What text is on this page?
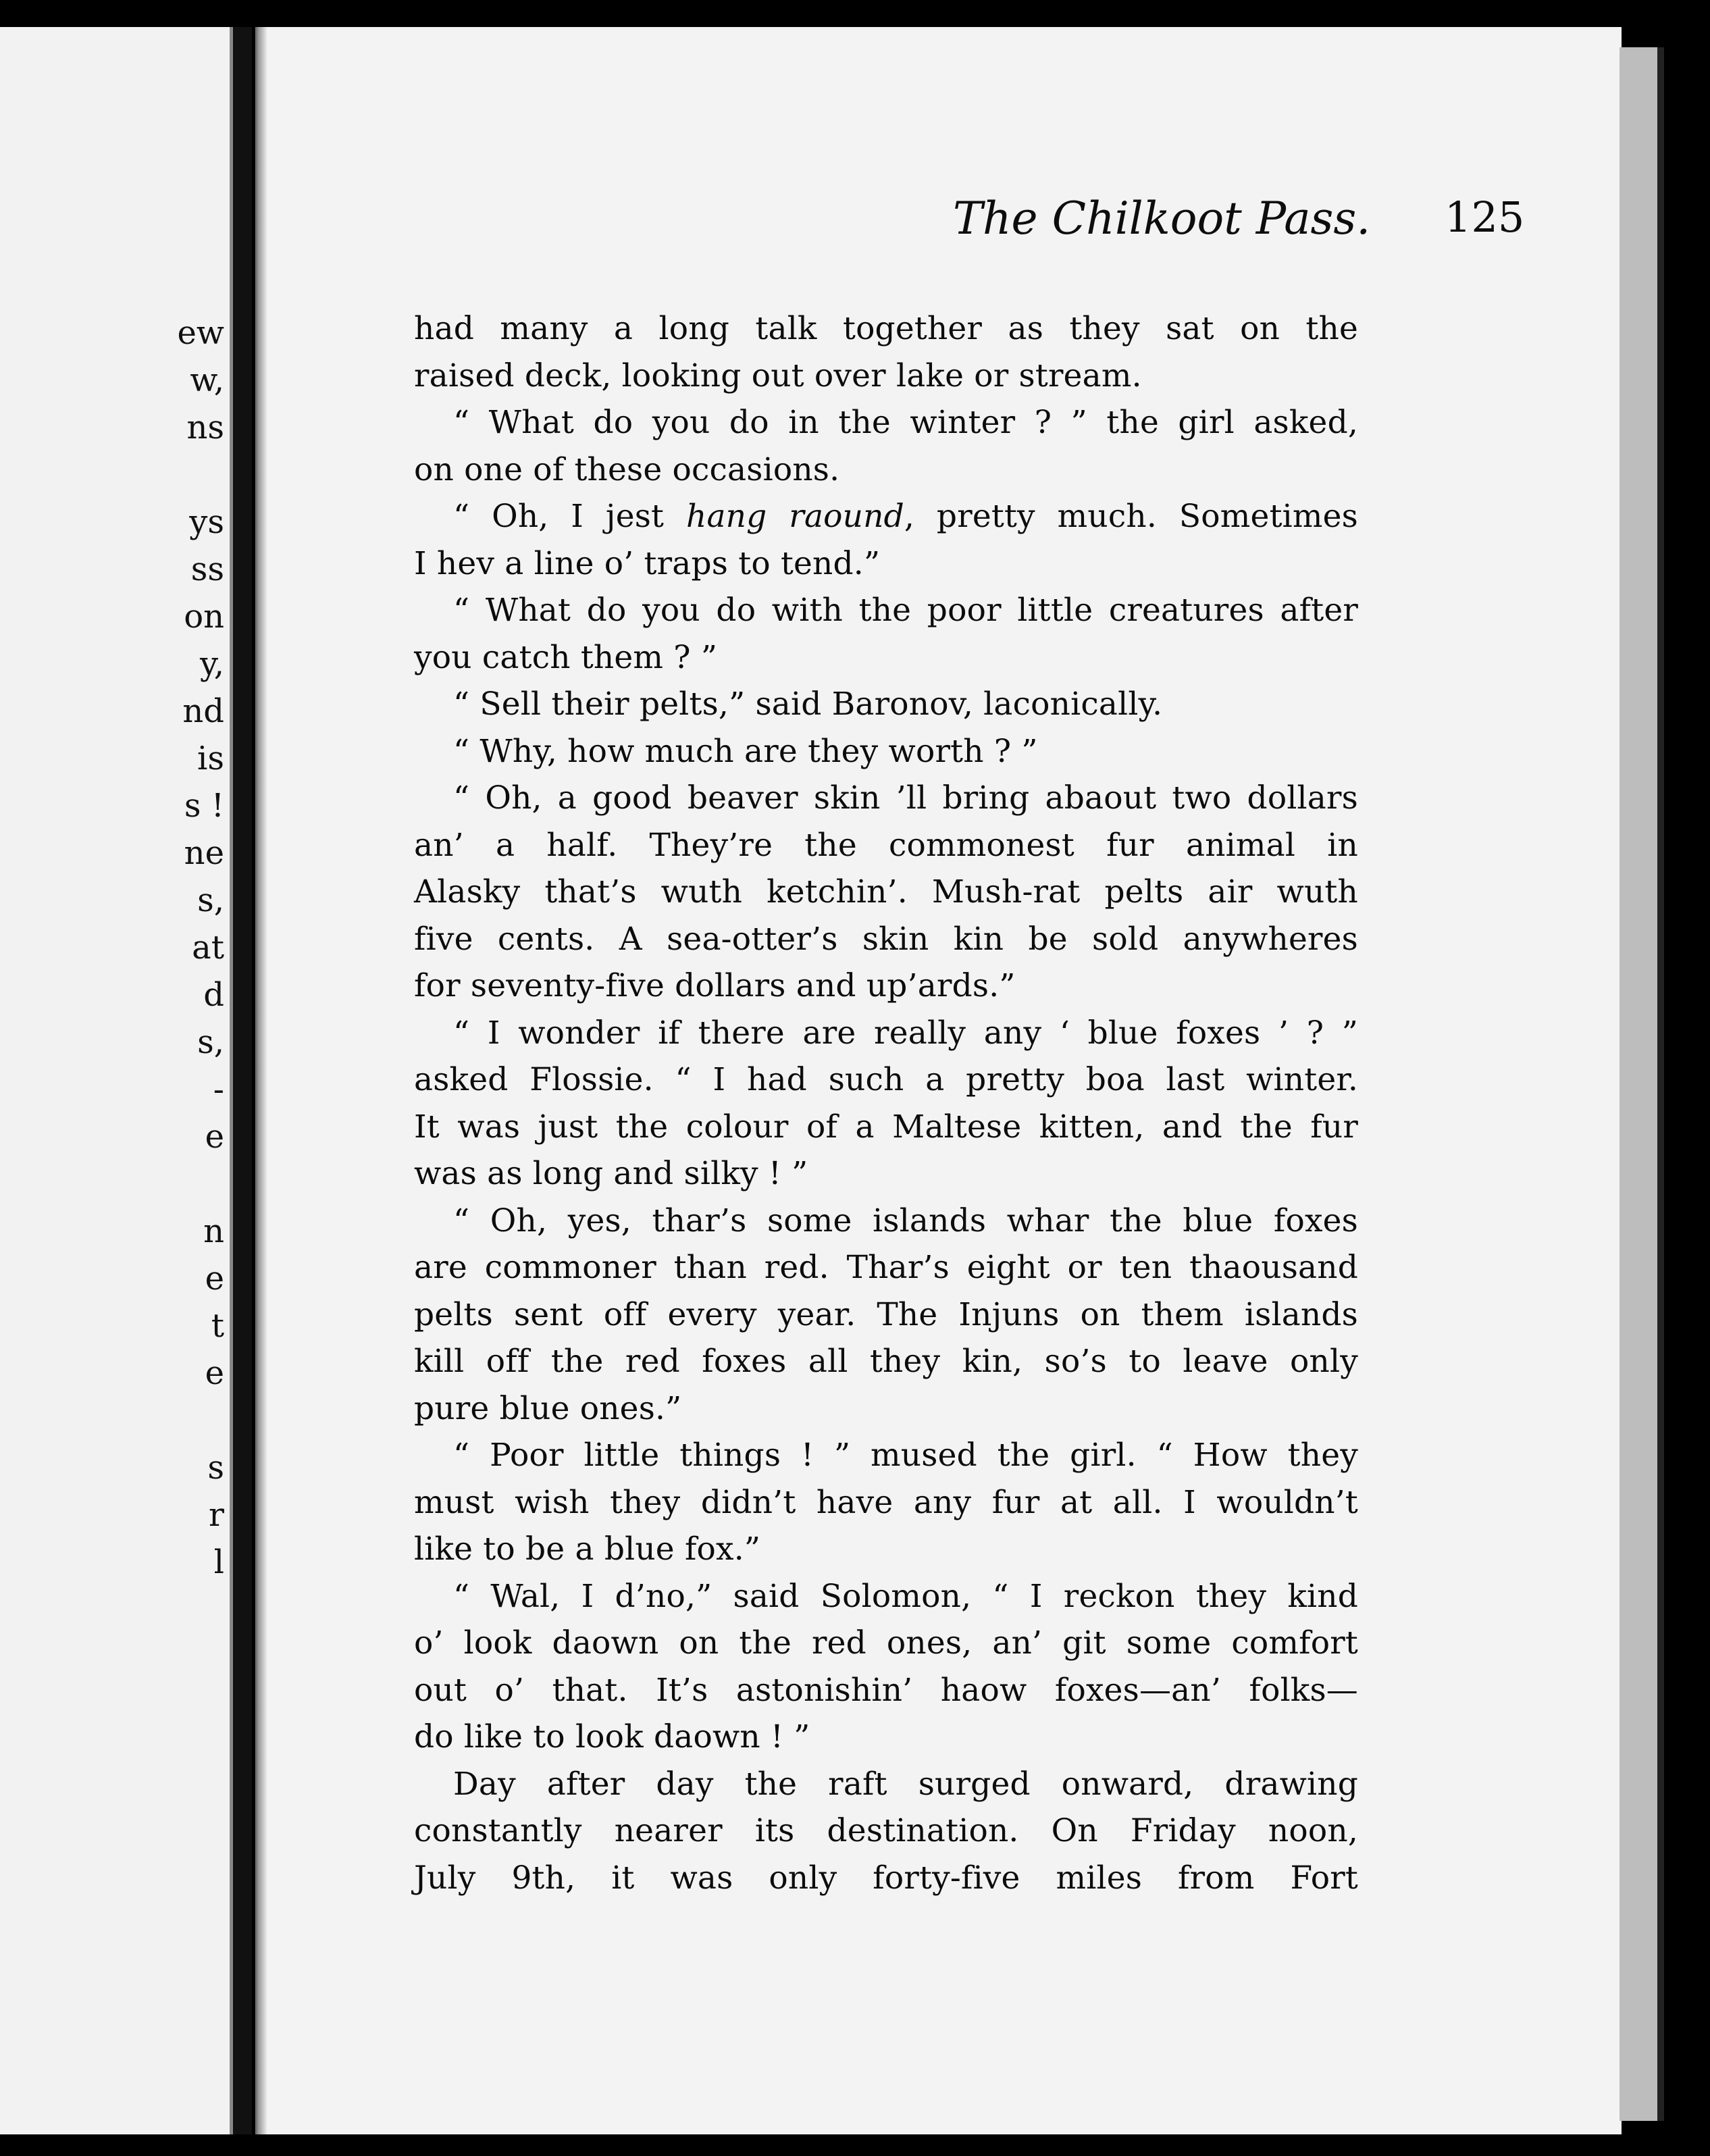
ew
w,
ns
ys
ss
on
y,
nd
is
s !
ne
s,
at
d
s,
-
e
n
e
t
e
s
r
l
The Chilkoot Pass. 125
had many a long talk together as they sat on the
raised deck, looking out over lake or stream.
“ What do you do in the winter ? ” the girl asked,
on one of these occasions.
“ Oh, I jest hang raound, pretty much. Sometimes
I hev a line o’ traps to tend.”
“ What do you do with the poor little creatures after
you catch them ? ”
“ Sell their pelts,” said Baronov, laconically.
“ Why, how much are they worth ? ”
“ Oh, a good beaver skin ’ll bring abaout two dollars
an’ a half. They’re the commonest fur animal in
Alasky that’s wuth ketchin’. Mush-rat pelts air wuth
five cents. A sea-otter’s skin kin be sold anywheres
for seventy-five dollars and up’ards.”
“ I wonder if there are really any ‘ blue foxes ’ ? ”
asked Flossie. “ I had such a pretty boa last winter.
It was just the colour of a Maltese kitten, and the fur
was as long and silky ! ”
“ Oh, yes, thar’s some islands whar the blue foxes
are commoner than red. Thar’s eight or ten thaousand
pelts sent off every year. The Injuns on them islands
kill off the red foxes all they kin, so’s to leave only
pure blue ones.”
“ Poor little things ! ” mused the girl. “ How they
must wish they didn’t have any fur at all. I wouldn’t
like to be a blue fox.”
“ Wal, I d’no,” said Solomon, “ I reckon they kind
o’ look daown on the red ones, an’ git some comfort
out o’ that. It’s astonishin’ haow foxes—an’ folks—
do like to look daown ! ”
Day after day the raft surged onward, drawing
constantly nearer its destination. On Friday noon,
July 9th, it was only forty-five miles from Fort
